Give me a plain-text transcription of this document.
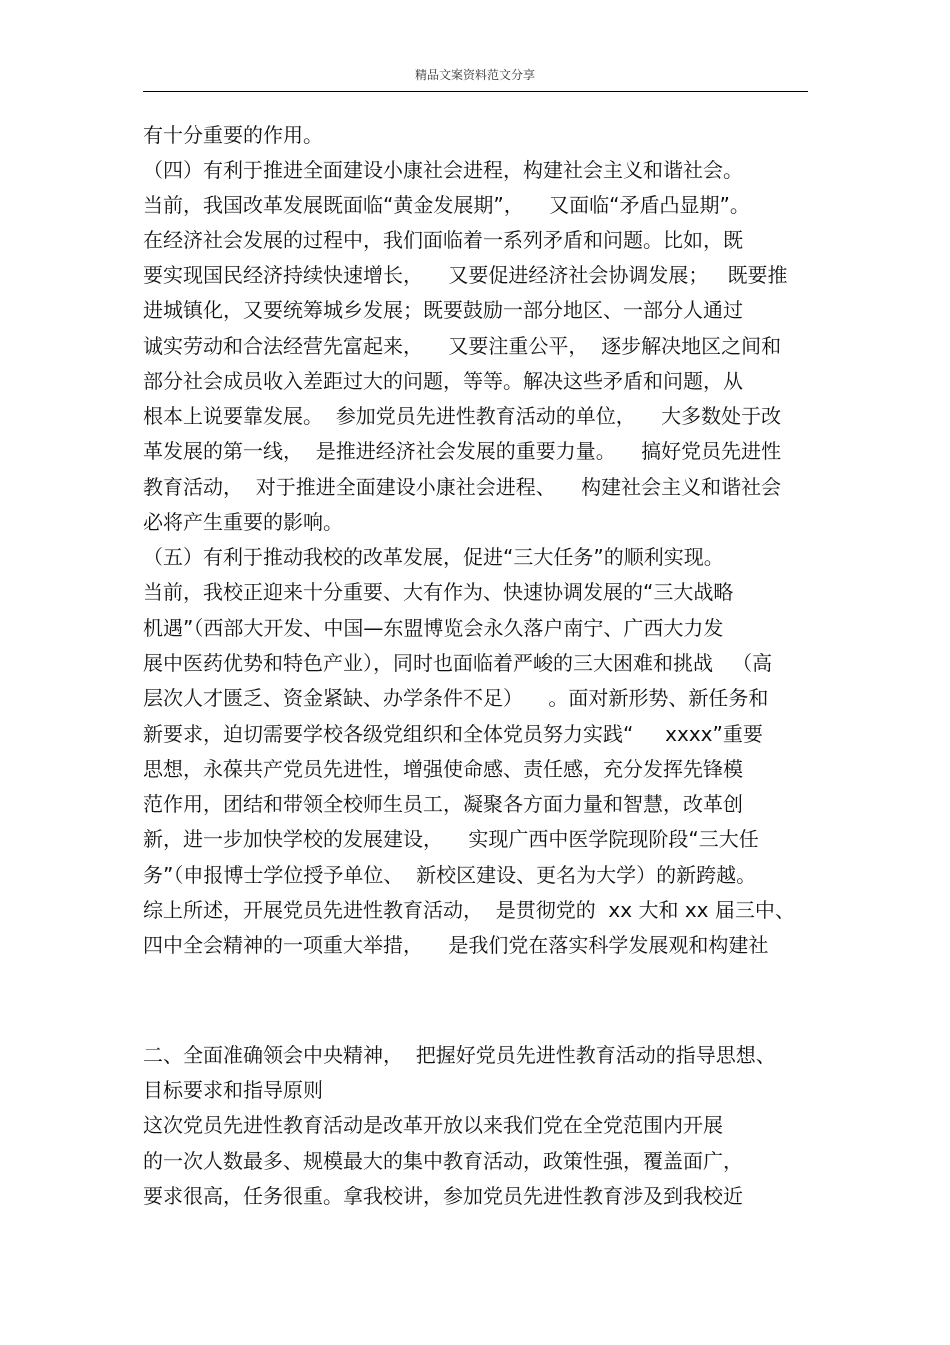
精品文案资料范文分享
有十分重要的作用。
（四）有利于推进全面建设小康社会进程，构建社会主义和谐社会。
当前，我国改革发展既面临“黄金发展期”，    又面临“矛盾凸显期”。
在经济社会发展的过程中，我们面临着一系列矛盾和问题。比如，既
要实现国民经济持续快速增长，    又要促进经济社会协调发展；   既要推
进城镇化，又要统筹城乡发展；既要鼓励一部分地区、一部分人通过
诚实劳动和合法经营先富起来，    又要注重公平，  逐步解决地区之间和
部分社会成员收入差距过大的问题，等等。解决这些矛盾和问题，从
根本上说要靠发展。  参加党员先进性教育活动的单位，    大多数处于改
革发展的第一线，  是推进经济社会发展的重要力量。    搞好党员先进性
教育活动，  对于推进全面建设小康社会进程、    构建社会主义和谐社会
必将产生重要的影响。
（五）有利于推动我校的改革发展，促进“三大任务”的顺利实现。
当前，我校正迎来十分重要、大有作为、快速协调发展的“三大战略
机遇”（西部大开发、中国—东盟博览会永久落户南宁、广西大力发
展中医药优势和特色产业），同时也面临着严峻的三大困难和挑战   （高
层次人才匮乏、资金紧缺、办学条件不足）    。面对新形势、新任务和
新要求，迫切需要学校各级党组织和全体党员努力实践“     xxxx”重要
思想，永葆共产党员先进性，增强使命感、责任感，充分发挥先锋模
范作用，团结和带领全校师生员工，凝聚各方面力量和智慧，改革创
新，进一步加快学校的发展建设，    实现广西中医学院现阶段“三大任
务”（申报博士学位授予单位、  新校区建设、更名为大学）的新跨越。
综上所述，开展党员先进性教育活动，  是贯彻党的  xx 大和 xx 届三中、
四中全会精神的一项重大举措，    是我们党在落实科学发展观和构建社
二、全面准确领会中央精神，  把握好党员先进性教育活动的指导思想、
目标要求和指导原则
这次党员先进性教育活动是改革开放以来我们党在全党范围内开展
的一次人数最多、规模最大的集中教育活动，政策性强，覆盖面广，
要求很高，任务很重。拿我校讲，参加党员先进性教育涉及到我校近
